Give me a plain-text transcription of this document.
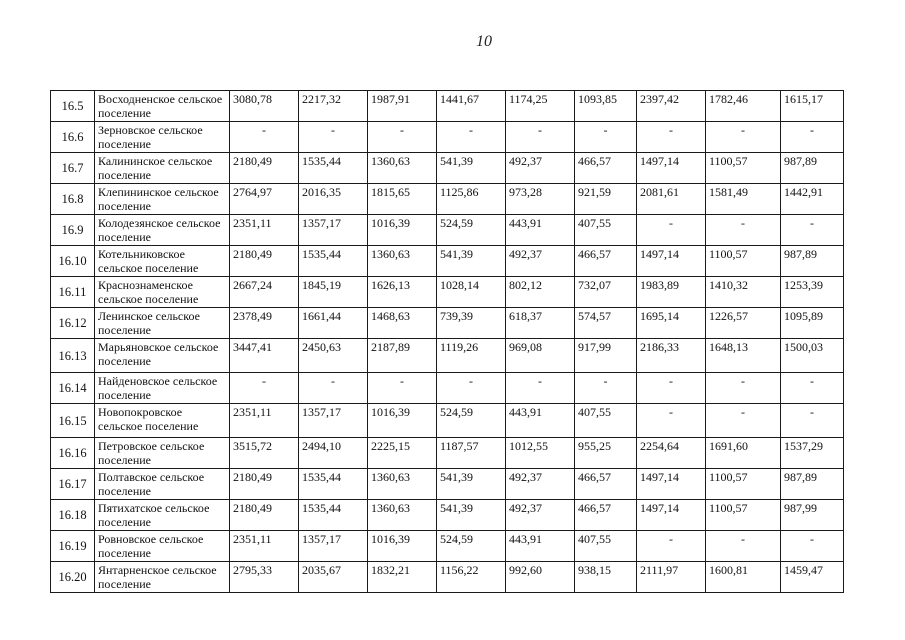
10
16.5	Восходненское сельское поселение	3080,78	2217,32	1987,91	1441,67	1174,25	1093,85	2397,42	1782,46	1615,17
16.6	Зерновское сельское поселение	-	-	-	-	-	-	-	-	-
16.7	Калининское сельское поселение	2180,49	1535,44	1360,63	541,39	492,37	466,57	1497,14	1100,57	987,89
16.8	Клепининское сельское поселение	2764,97	2016,35	1815,65	1125,86	973,28	921,59	2081,61	1581,49	1442,91
16.9	Колодезянское сельское поселение	2351,11	1357,17	1016,39	524,59	443,91	407,55	-	-	-
16.10	Котельниковское сельское поселение	2180,49	1535,44	1360,63	541,39	492,37	466,57	1497,14	1100,57	987,89
16.11	Краснознаменское сельское поселение	2667,24	1845,19	1626,13	1028,14	802,12	732,07	1983,89	1410,32	1253,39
16.12	Ленинское сельское поселение	2378,49	1661,44	1468,63	739,39	618,37	574,57	1695,14	1226,57	1095,89
16.13	Марьяновское сельское поселение	3447,41	2450,63	2187,89	1119,26	969,08	917,99	2186,33	1648,13	1500,03
16.14	Найденовское сельское поселение	-	-	-	-	-	-	-	-	-
16.15	Новопокровское сельское поселение	2351,11	1357,17	1016,39	524,59	443,91	407,55	-	-	-
16.16	Петровское сельское поселение	3515,72	2494,10	2225,15	1187,57	1012,55	955,25	2254,64	1691,60	1537,29
16.17	Полтавское сельское поселение	2180,49	1535,44	1360,63	541,39	492,37	466,57	1497,14	1100,57	987,89
16.18	Пятихатское сельское поселение	2180,49	1535,44	1360,63	541,39	492,37	466,57	1497,14	1100,57	987,99
16.19	Ровновское сельское поселение	2351,11	1357,17	1016,39	524,59	443,91	407,55	-	-	-
16.20	Янтарненское сельское поселение	2795,33	2035,67	1832,21	1156,22	992,60	938,15	2111,97	1600,81	1459,47
